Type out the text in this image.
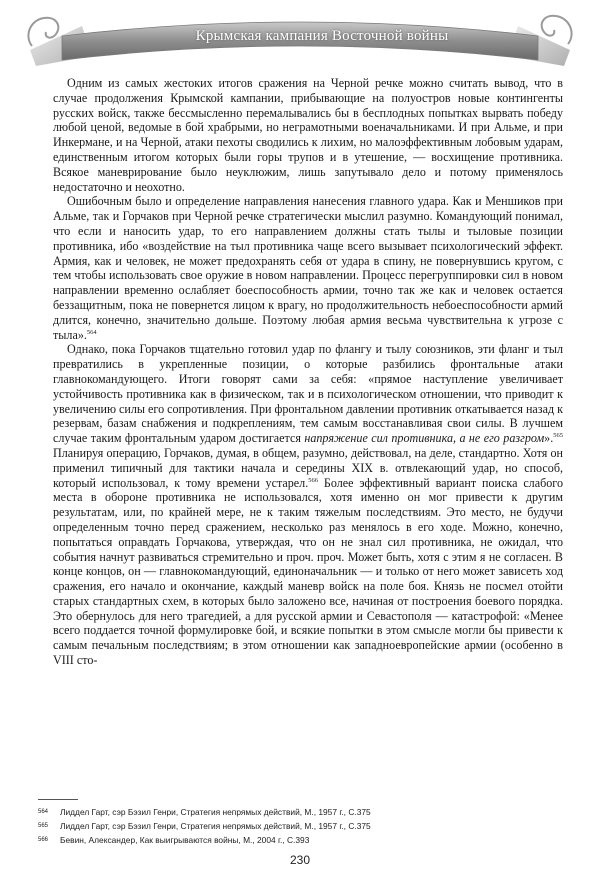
Крымская кампания Восточной войны

Одним из самых жестоких итогов сражения на Черной речке можно считать вывод, что в случае продолжения Крымской кампании, прибывающие на полуостров новые контингенты русских войск, также бессмысленно перемалывались бы в бесплодных попытках вырвать победу любой ценой, ведомые в бой храбрыми, но неграмотными военачальниками. И при Альме, и при Инкермане, и на Черной, атаки пехоты сводились к лихим, но малоэффективным лобовым ударам, единственным итогом которых были горы трупов и в утешение, — восхищение противника. Всякое маневрирование было неуклюжим, лишь запутывало дело и потому применялось недостаточно и неохотно.

Ошибочным было и определение направления нанесения главного удара. Как и Меншиков при Альме, так и Горчаков при Черной речке стратегически мыслил разумно. Командующий понимал, что если и наносить удар, то его направлением должны стать тылы и тыловые позиции противника, ибо «воздействие на тыл противника чаще всего вызывает психологический эффект. Армия, как и человек, не может предохранять себя от удара в спину, не повернувшись кругом, с тем чтобы использовать свое оружие в новом направлении. Процесс перегруппировки сил в новом направлении временно ослабляет боеспособность армии, точно так же как и человек остается беззащитным, пока не повернется лицом к врагу, но продолжительность небоеспособности армий длится, конечно, значительно дольше. Поэтому любая армия весьма чувствительна к угрозе с тыла».$^{564}$

Однако, пока Горчаков тщательно готовил удар по флангу и тылу союзников, эти фланг и тыл превратились в укрепленные позиции, о которые разбились фронтальные атаки главнокомандующего. Итоги говорят сами за себя: «прямое наступление увеличивает устойчивость противника как в физическом, так и в психологическом отношении, что приводит к увеличению силы его сопротивления. При фронтальном давлении противник откатывается назад к резервам, базам снабжения и подкреплениям, тем самым восстанавливая свои силы. В лучшем случае таким фронтальным ударом достигается напряжение сил противника, а не его разгром».$^{565}$ Планируя операцию, Горчаков, думая, в общем, разумно, действовал, на деле, стандартно. Хотя он применил типичный для тактики начала и середины XIX в. отвлекающий удар, но способ, который использовал, к тому времени устарел.$^{566}$ Более эффективный вариант поиска слабого места в обороне противника не использовался, хотя именно он мог привести к другим результатам, или, по крайней мере, не к таким тяжелым последствиям. Это место, не будучи определенным точно перед сражением, несколько раз менялось в его ходе. Можно, конечно, попытаться оправдать Горчакова, утверждая, что он не знал сил противника, не ожидал, что события начнут развиваться стремительно и проч. проч. Может быть, хотя с этим я не согласен. В конце концов, он — главнокомандующий, единоначальник — и только от него может зависеть ход сражения, его начало и окончание, каждый маневр войск на поле боя. Князь не посмел отойти старых стандартных схем, в которых было заложено все, начиная от построения боевого порядка. Это обернулось для него трагедией, а для русской армии и Севастополя — катастрофой: «Менее всего поддается точной формулировке бой, и всякие попытки в этом смысле могли бы привести к самым печальным последствиям; в этом отношении как западноевропейские армии (особенно в VIII сто-

564 Лиддел Гарт, сэр Бэзил Генри, Стратегия непрямых действий, М., 1957 г., С.375
565 Лиддел Гарт, сэр Бэзил Генри, Стратегия непрямых действий, М., 1957 г., С.375
566 Бевин, Александер, Как выигрываются войны, М., 2004 г., С.393
230
